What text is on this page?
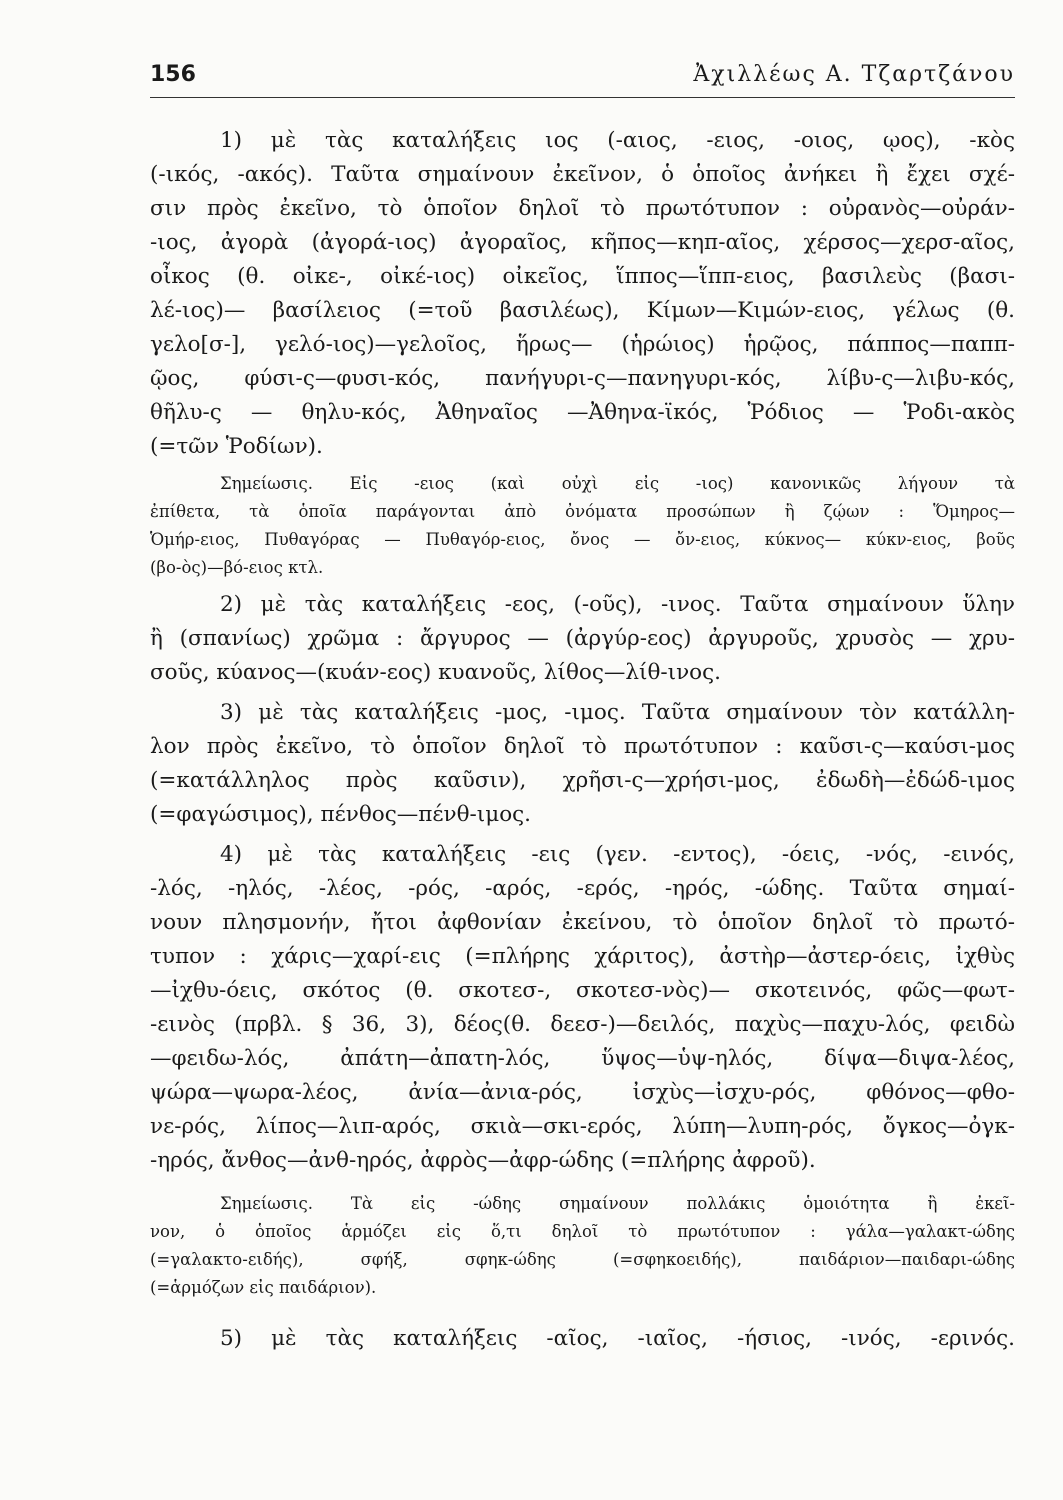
156	Ἀχιλλέως Α. Τζαρτζάνου
1) μὲ τὰς καταλήξεις ιος (-αιος, -ειος, -οιος, ῳος), -κὸς
(-ικός, -ακός). Ταῦτα σημαίνουν ἐκεῖνον, ὁ ὁποῖος ἀνήκει ἢ ἔχει σχέ-
σιν πρὸς ἐκεῖνο, τὸ ὁποῖον δηλοῖ τὸ πρωτότυπον : οὐρανὸς—οὐράν-
-ιος, ἀγορὰ (ἀγορά-ιος) ἀγοραῖος, κῆπος—κηπ-αῖος, χέρσος—χερσ-αῖος,
οἶκος (θ. οἰκε-, οἰκέ-ιος) οἰκεῖος, ἵππος—ἵππ-ειος, βασιλεὺς (βασι-
λέ-ιος)— βασίλειος (=τοῦ βασιλέως), Κίμων—Κιμών-ειος, γέλως (θ.
γελο[σ-], γελό-ιος)—γελοῖος, ἥρως— (ἡρώιος) ἡρῷος, πάππος—παππ-
ῷος, φύσι-ς—φυσι-κός, πανήγυρι-ς—πανηγυρι-κός, λίβυ-ς—λιβυ-κός,
θῆλυ-ς — θηλυ-κός, Ἀθηναῖος —Ἀθηνα-ϊκός, Ῥόδιος — Ῥοδι-ακὸς
(=τῶν Ῥοδίων).
Σημείωσις. Εἰς -ειος (καὶ οὐχὶ εἰς -ιος) κανονικῶς λήγουν τὰ
ἐπίθετα, τὰ ὁποῖα παράγονται ἀπὸ ὀνόματα προσώπων ἢ ζῴων : Ὅμηρος—
Ὁμήρ-ειος, Πυθαγόρας — Πυθαγόρ-ειος, ὄνος — ὄν-ειος, κύκνος— κύκν-ειος, βοῦς
(βο-ὸς)—βό-ειος κτλ.
2) μὲ τὰς καταλήξεις -εος, (-οῦς), -ινος. Ταῦτα σημαίνουν ὕλην
ἢ (σπανίως) χρῶμα : ἄργυρος — (ἀργύρ-εος) ἀργυροῦς, χρυσὸς — χρυ-
σοῦς, κύανος—(κυάν-εος) κυανοῦς, λίθος—λίθ-ινος.
3) μὲ τὰς καταλήξεις -μος, -ιμος. Ταῦτα σημαίνουν τὸν κατάλλη-
λον πρὸς ἐκεῖνο, τὸ ὁποῖον δηλοῖ τὸ πρωτότυπον : καῦσι-ς—καύσι-μος
(=κατάλληλος πρὸς καῦσιν), χρῆσι-ς—χρήσι-μος, ἐδωδὴ—ἐδώδ-ιμος
(=φαγώσιμος), πένθος—πένθ-ιμος.
4) μὲ τὰς καταλήξεις -εις (γεν. -εντος), -όεις, -νός, -εινός,
-λός, -ηλός, -λέος, -ρός, -αρός, -ερός, -ηρός, -ώδης. Ταῦτα σημαί-
νουν πλησμονήν, ἤτοι ἀφθονίαν ἐκείνου, τὸ ὁποῖον δηλοῖ τὸ πρωτό-
τυπον : χάρις—χαρί-εις (=πλήρης χάριτος), ἀστὴρ—ἀστερ-όεις, ἰχθὺς
—ἰχθυ-όεις, σκότος (θ. σκοτεσ-, σκοτεσ-νὸς)— σκοτεινός, φῶς—φωτ-
-εινὸς (πρβλ. § 36, 3), δέος(θ. δεεσ-)—δειλός, παχὺς—παχυ-λός, φειδὼ
—φειδω-λός, ἀπάτη—ἀπατη-λός, ὕψος—ὑψ-ηλός, δίψα—διψα-λέος,
ψώρα—ψωρα-λέος, ἀνία—ἀνια-ρός, ἰσχὺς—ἰσχυ-ρός, φθόνος—φθο-
νε-ρός, λίπος—λιπ-αρός, σκιὰ—σκι-ερός, λύπη—λυπη-ρός, ὄγκος—ὀγκ-
-ηρός, ἄνθος—ἀνθ-ηρός, ἀφρὸς—ἀφρ-ώδης (=πλήρης ἀφροῦ).
Σημείωσις. Τὰ εἰς -ώδης σημαίνουν πολλάκις ὁμοιότητα ἢ ἐκεῖ-
νον, ὁ ὁποῖος ἁρμόζει εἰς ὅ,τι δηλοῖ τὸ πρωτότυπον : γάλα—γαλακτ-ώδης
(=γαλακτο-ειδής), σφήξ, σφηκ-ώδης (=σφηκοειδής), παιδάριον—παιδαρι-ώδης
(=ἁρμόζων εἰς παιδάριον).
5) μὲ τὰς καταλήξεις -αῖος, -ιαῖος, -ήσιος, -ινός, -ερινός.
